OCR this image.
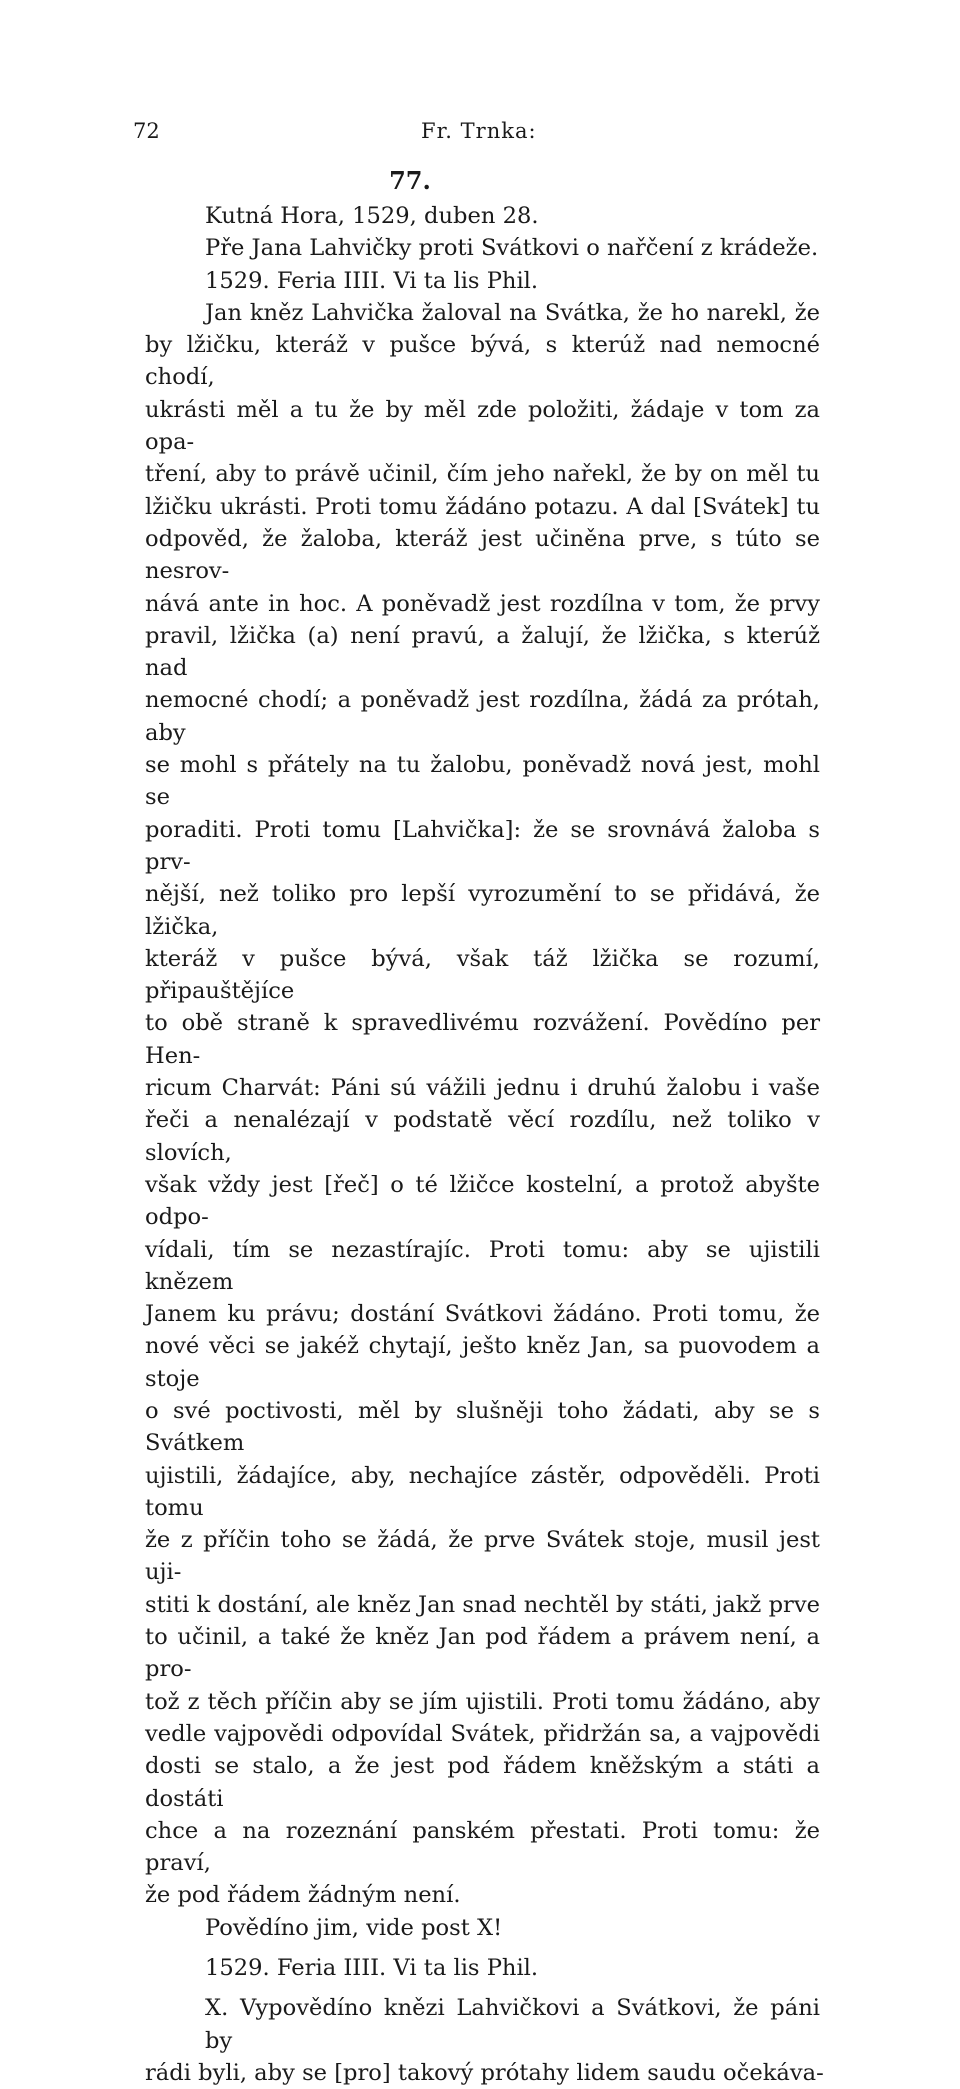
72	Fr. Trnka:
77.

Kutná Hora, 1529, duben 28.

Pře Jana Lahvičky proti Svátkovi o nařčení z krádeže.

1529. Feria IIII. Vi ta lis Phil.

Jan kněz Lahvička žaloval na Svátka, že ho narekl, že
by lžičku, kteráž v pušce bývá, s kterúž nad nemocné chodí,
ukrásti měl a tu že by měl zde položiti, žádaje v tom za opa-
tření, aby to právě učinil, čím jeho nařekl, že by on měl tu
lžičku ukrásti. Proti tomu žádáno potazu. A dal [Svátek] tu
odpověd, že žaloba, kteráž jest učiněna prve, s túto se nesrov-
nává ante in hoc. A poněvadž jest rozdílna v tom, že prvy
pravil, lžička (a) není pravú, a žalují, že lžička, s kterúž nad
nemocné chodí; a poněvadž jest rozdílna, žádá za prótah, aby
se mohl s přátely na tu žalobu, poněvadž nová jest, mohl se
poraditi. Proti tomu [Lahvička]: že se srovnává žaloba s prv-
nější, než toliko pro lepší vyrozumění to se přidává, že lžička,
kteráž v pušce bývá, však táž lžička se rozumí, připauštějíce
to obě straně k spravedlivému rozvážení. Povědíno per Hen-
ricum Charvát: Páni sú vážili jednu i druhú žalobu i vaše
řeči a nenalézají v podstatě věcí rozdílu, než toliko v slovích,
však vždy jest [řeč] o té lžičce kostelní, a protož abyšte odpo-
vídali, tím se nezastírajíc. Proti tomu: aby se ujistili knězem
Janem ku právu; dostání Svátkovi žádáno. Proti tomu, že
nové věci se jakéž chytají, ješto kněz Jan, sa puovodem a stoje
o své poctivosti, měl by slušněji toho žádati, aby se s Svátkem
ujistili, žádajíce, aby, nechajíce zástěr, odpověděli. Proti tomu
že z příčin toho se žádá, že prve Svátek stoje, musil jest uji-
stiti k dostání, ale kněz Jan snad nechtěl by státi, jakž prve
to učinil, a také že kněz Jan pod řádem a právem není, a pro-
tož z těch příčin aby se jím ujistili. Proti tomu žádáno, aby
vedle vajpovědi odpovídal Svátek, přidržán sa, a vajpovědi
dosti se stalo, a že jest pod řádem kněžským a státi a dostáti
chce a na rozeznání panském přestati. Proti tomu: že praví,
že pod řádem žádným není.

Povědíno jim, vide post X!

1529. Feria IIII. Vi ta lis Phil.

X. Vypovědíno knězi Lahvičkovi a Svátkovi, že páni by
rádi byli, aby se [pro] takový prótahy lidem saudu očekáva-
